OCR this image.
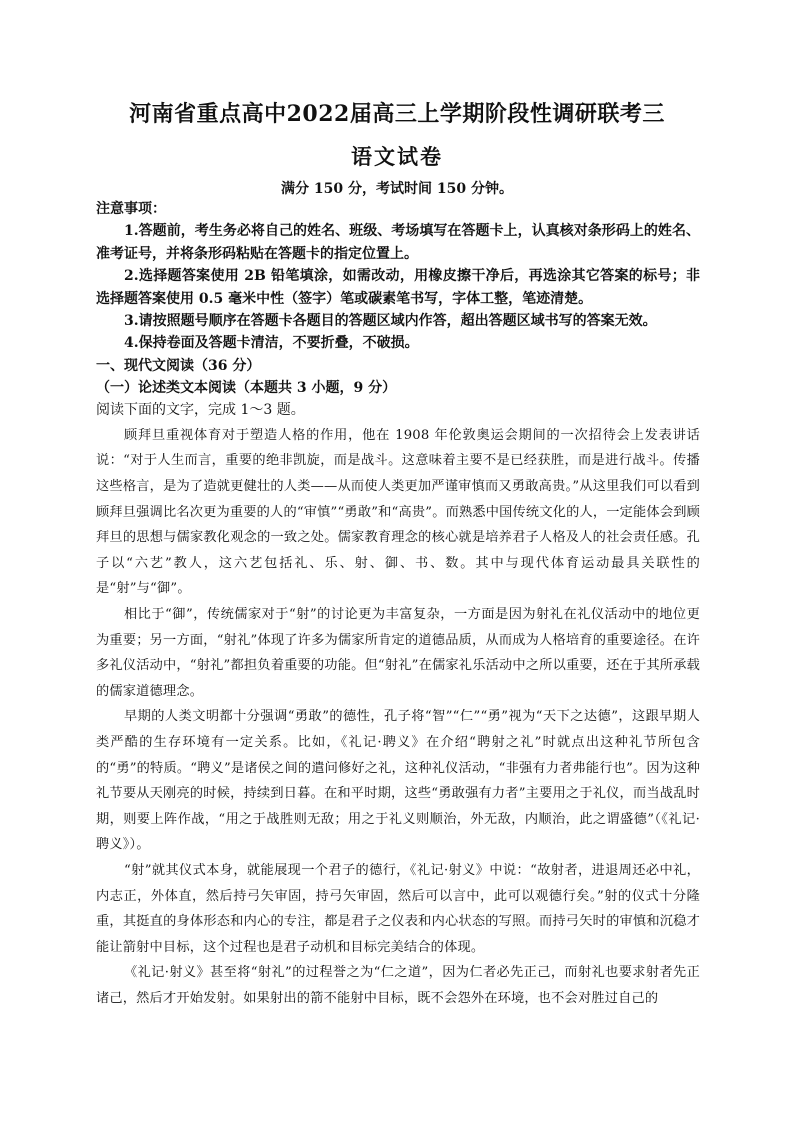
河南省重点高中2022届高三上学期阶段性调研联考三
语文试卷
满分 150 分，考试时间 150 分钟。

注意事项：

1.答题前，考生务必将自己的姓名、班级、考场填写在答题卡上，认真核对条形码上的姓名、准考证号，并将条形码粘贴在答题卡的指定位置上。

2.选择题答案使用 2B 铅笔填涂，如需改动，用橡皮擦干净后，再选涂其它答案的标号；非选择题答案使用 0.5 毫米中性（签字）笔或碳素笔书写，字体工整，笔迹清楚。

3.请按照题号顺序在答题卡各题目的答题区域内作答，超出答题区域书写的答案无效。

4.保持卷面及答题卡清洁，不要折叠，不破损。

一、现代文阅读（36 分）
（一）论述类文本阅读（本题共 3 小题，9 分）
阅读下面的文字，完成 1～3 题。

顾拜旦重视体育对于塑造人格的作用，他在 1908 年伦敦奥运会期间的一次招待会上发表讲话说：“对于人生而言，重要的绝非凯旋，而是战斗。这意味着主要不是已经获胜，而是进行战斗。传播这些格言，是为了造就更健壮的人类——从而使人类更加严谨审慎而又勇敢高贵。”从这里我们可以看到顾拜旦强调比名次更为重要的人的“审慎”“勇敢”和“高贵”。而熟悉中国传统文化的人，一定能体会到顾拜旦的思想与儒家教化观念的一致之处。儒家教育理念的核心就是培养君子人格及人的社会责任感。孔子以“六艺”教人，这六艺包括礼、乐、射、御、书、数。其中与现代体育运动最具关联性的是“射”与“御”。

相比于“御”，传统儒家对于“射”的讨论更为丰富复杂，一方面是因为射礼在礼仪活动中的地位更为重要；另一方面，“射礼”体现了许多为儒家所肯定的道德品质，从而成为人格培育的重要途径。在许多礼仪活动中，“射礼”都担负着重要的功能。但“射礼”在儒家礼乐活动中之所以重要，还在于其所承载的儒家道德理念。

早期的人类文明都十分强调“勇敢”的德性，孔子将“智”“仁”“勇”视为“天下之达德”，这跟早期人类严酷的生存环境有一定关系。比如，《礼记·聘义》在介绍“聘射之礼”时就点出这种礼节所包含的“勇”的特质。“聘义”是诸侯之间的遣问修好之礼，这种礼仪活动，“非强有力者弗能行也”。因为这种礼节要从天刚亮的时候，持续到日暮。在和平时期，这些“勇敢强有力者”主要用之于礼仪，而当战乱时期，则要上阵作战，“用之于战胜则无敌；用之于礼义则顺治，外无敌，内顺治，此之谓盛德”（《礼记·聘义》）。

“射”就其仪式本身，就能展现一个君子的德行，《礼记·射义》中说：“故射者，进退周还必中礼，内志正，外体直，然后持弓矢审固，持弓矢审固，然后可以言中，此可以观德行矣。”射的仪式十分隆重，其挺直的身体形态和内心的专注，都是君子之仪表和内心状态的写照。而持弓矢时的审慎和沉稳才能让箭射中目标，这个过程也是君子动机和目标完美结合的体现。

《礼记·射义》甚至将“射礼”的过程誉之为“仁之道”，因为仁者必先正己，而射礼也要求射者先正诸己，然后才开始发射。如果射出的箭不能射中目标，既不会怨外在环境，也不会对胜过自己的
